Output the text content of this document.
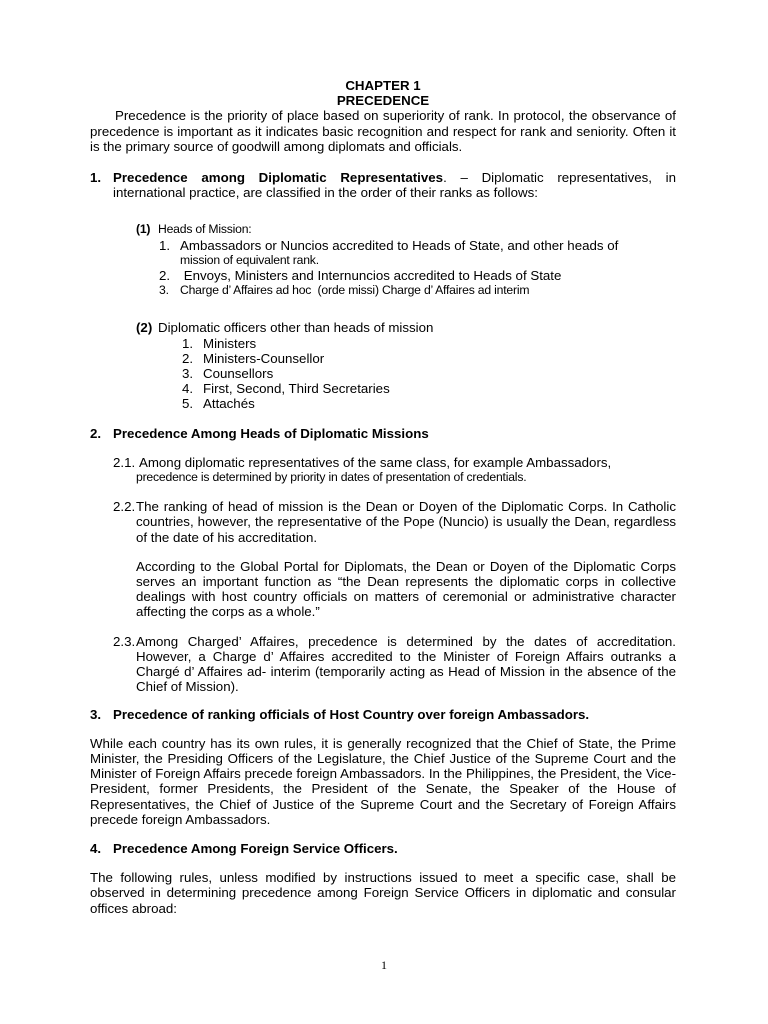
CHAPTER 1
PRECEDENCE

Precedence is the priority of place based on superiority of rank. In protocol, the observance of precedence is important as it indicates basic recognition and respect for rank and seniority. Often it is the primary source of goodwill among diplomats and officials.

1. Precedence among Diplomatic Representatives. – Diplomatic representatives, in international practice, are classified in the order of their ranks as follows:
(1) Heads of Mission:
1. Ambassadors or Nuncios accredited to Heads of State, and other heads of
mission of equivalent rank.
2. Envoys, Ministers and Internuncios accredited to Heads of State
3. Charge d’ Affaires ad hoc  (orde missi) Charge d’ Affaires ad interim
(2) Diplomatic officers other than heads of mission
1. Ministers
2. Ministers-Counsellor
3. Counsellors
4. First, Second, Third Secretaries
5. Attachés
2. Precedence Among Heads of Diplomatic Missions
2.1. Among diplomatic representatives of the same class, for example Ambassadors,
precedence is determined by priority in dates of presentation of credentials.
2.2. The ranking of head of mission is the Dean or Doyen of the Diplomatic Corps. In Catholic countries, however, the representative of the Pope (Nuncio) is usually the Dean, regardless of the date of his accreditation.
According to the Global Portal for Diplomats, the Dean or Doyen of the Diplomatic Corps serves an important function as “the Dean represents the diplomatic corps in collective dealings with host country officials on matters of ceremonial or administrative character affecting the corps as a whole.”
2.3. Among Charged’ Affaires, precedence is determined by the dates of accreditation. However, a Charge d’ Affaires accredited to the Minister of Foreign Affairs outranks a Chargé d’ Affaires ad- interim (temporarily acting as Head of Mission in the absence of the Chief of Mission).
3. Precedence of ranking officials of Host Country over foreign Ambassadors.
While each country has its own rules, it is generally recognized that the Chief of State, the Prime Minister, the Presiding Officers of the Legislature, the Chief Justice of the Supreme Court and the Minister of Foreign Affairs precede foreign Ambassadors. In the Philippines, the President, the Vice-President, former Presidents, the President of the Senate, the Speaker of the House of Representatives, the Chief of Justice of the Supreme Court and the Secretary of Foreign Affairs precede foreign Ambassadors.
4. Precedence Among Foreign Service Officers.
The following rules, unless modified by instructions issued to meet a specific case, shall be observed in determining precedence among Foreign Service Officers in diplomatic and consular offices abroad:
1
